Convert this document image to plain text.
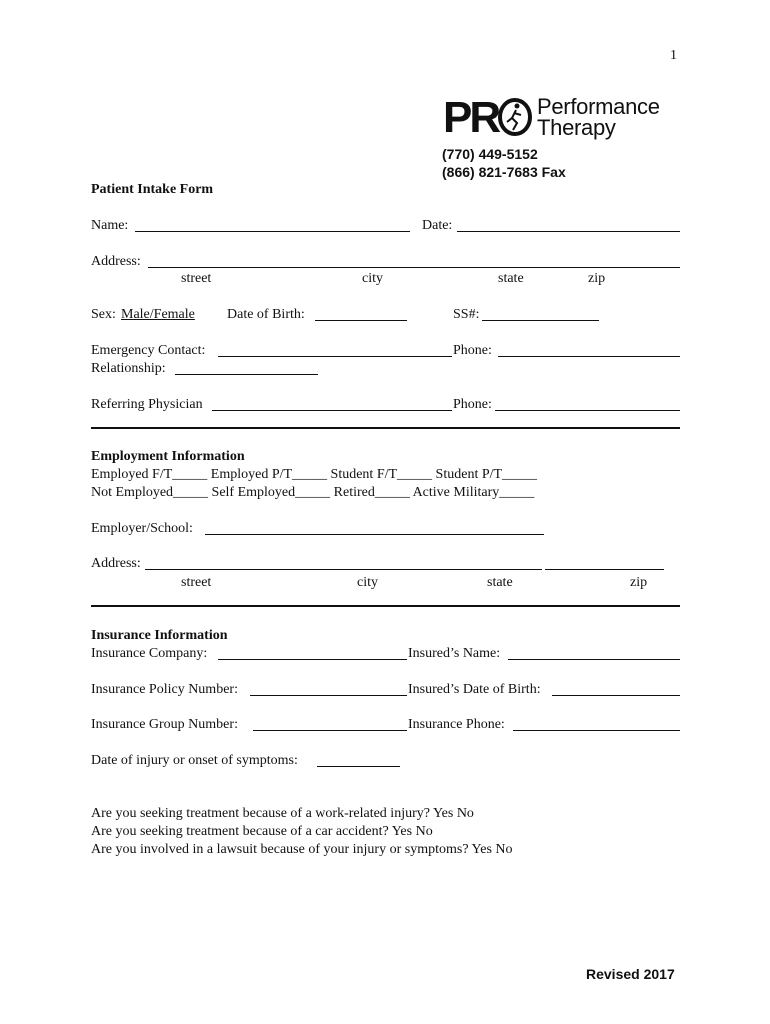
1
PR Performance
Therapy
(770) 449-5152
(866) 821-7683 Fax
Patient Intake Form
Name:	Date:
Address:
street	city	state	zip
Sex: Male/Female Date of Birth:	SS#:
Emergency Contact:	Phone:
Relationship:
Referring Physician	Phone:
Employment Information
Employed F/T_____ Employed P/T_____ Student F/T_____ Student P/T_____
Not Employed_____ Self Employed_____ Retired_____ Active Military_____
Employer/School:
Address:
street	city	state	zip
Insurance Information
Insurance Company:	Insured’s Name:
Insurance Policy Number:	Insured’s Date of Birth:
Insurance Group Number:	Insurance Phone:
Date of injury or onset of symptoms:
Are you seeking treatment because of a work-related injury? Yes No
Are you seeking treatment because of a car accident? Yes No
Are you involved in a lawsuit because of your injury or symptoms? Yes No
Revised 2017
